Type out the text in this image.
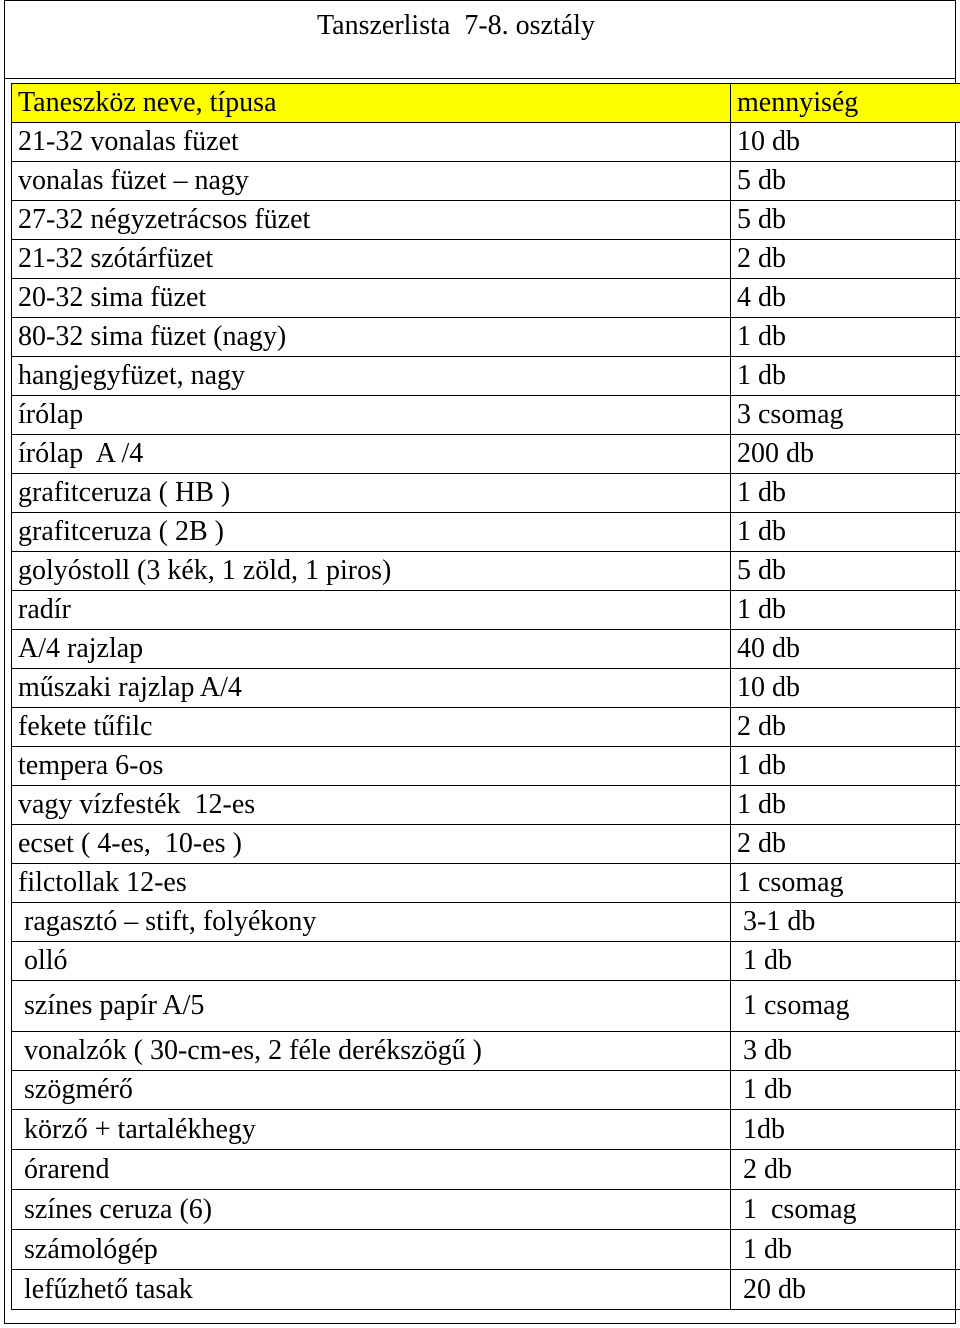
Tanszerlista  7-8. osztály
Taneszköz neve, típusa	mennyiség
21-32 vonalas füzet	10 db
vonalas füzet – nagy	5 db
27-32 négyzetrácsos füzet	5 db
21-32 szótárfüzet	2 db
20-32 sima füzet	4 db
80-32 sima füzet (nagy)	1 db
hangjegyfüzet, nagy	1 db
írólap	3 csomag
írólap  A /4	200 db
grafitceruza ( HB )	1 db
grafitceruza ( 2B )	1 db
golyóstoll (3 kék, 1 zöld, 1 piros)	5 db
radír	1 db
A/4 rajzlap	40 db
műszaki rajzlap A/4	10 db
fekete tűfilc	2 db
tempera 6-os	1 db
vagy vízfesték  12-es	1 db
ecset ( 4-es,  10-es )	2 db
filctollak 12-es	1 csomag
ragasztó – stift, folyékony	3-1 db
olló	1 db
színes papír A/5	1 csomag
vonalzók ( 30-cm-es, 2 féle derékszögű )	3 db
szögmérő	1 db
körző + tartalékhegy	1db
órarend	2 db
színes ceruza (6)	1  csomag
számológép	1 db
lefűzhető tasak	20 db
